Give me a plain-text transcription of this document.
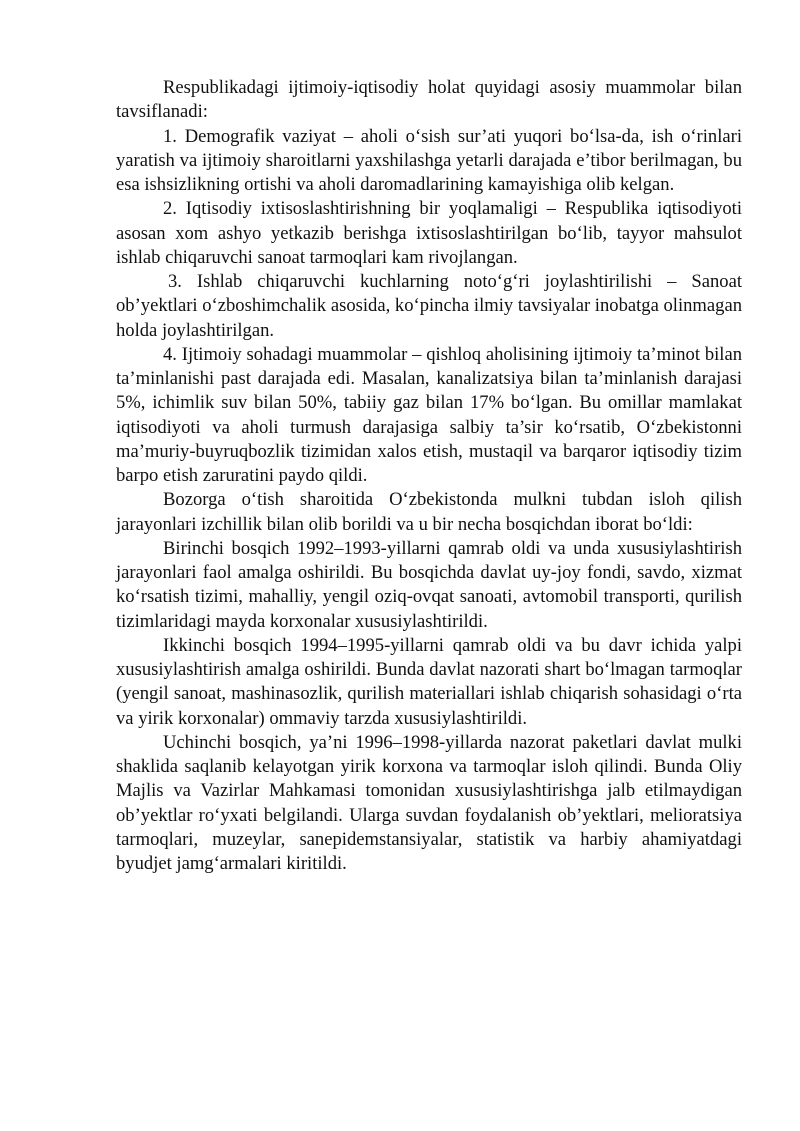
Respublikadagi ijtimoiy-iqtisodiy holat quyidagi asosiy muammolar bilan tavsiflanadi:

1. Demografik vaziyat – aholi o‘sish sur’ati yuqori bo‘lsa-da, ish o‘rinlari yaratish va ijtimoiy sharoitlarni yaxshilashga yetarli darajada e’tibor berilmagan, bu esa ishsizlikning ortishi va aholi daromadlarining kamayishiga olib kelgan.

2. Iqtisodiy ixtisoslashtirishning bir yoqlamaligi – Respublika iqtisodiyoti asosan xom ashyo yetkazib berishga ixtisoslashtirilgan bo‘lib, tayyor mahsulot ishlab chiqaruvchi sanoat tarmoqlari kam rivojlangan.

3. Ishlab chiqaruvchi kuchlarning noto‘g‘ri joylashtirilishi – Sanoat ob’yektlari o‘zboshimchalik asosida, ko‘pincha ilmiy tavsiyalar inobatga olinmagan holda joylashtirilgan.

4. Ijtimoiy sohadagi muammolar – qishloq aholisining ijtimoiy ta’minot bilan ta’minlanishi past darajada edi. Masalan, kanalizatsiya bilan ta’minlanish darajasi 5%, ichimlik suv bilan 50%, tabiiy gaz bilan 17% bo‘lgan. Bu omillar mamlakat iqtisodiyoti va aholi turmush darajasiga salbiy ta’sir ko‘rsatib, O‘zbekistonni ma’muriy-buyruqbozlik tizimidan xalos etish, mustaqil va barqaror iqtisodiy tizim barpo etish zaruratini paydo qildi.

Bozorga o‘tish sharoitida O‘zbekistonda mulkni tubdan isloh qilish jarayonlari izchillik bilan olib borildi va u bir necha bosqichdan iborat bo‘ldi:

Birinchi bosqich 1992–1993-yillarni qamrab oldi va unda xususiylashtirish jarayonlari faol amalga oshirildi. Bu bosqichda davlat uy-joy fondi, savdo, xizmat ko‘rsatish tizimi, mahalliy, yengil oziq-ovqat sanoati, avtomobil transporti, qurilish tizimlaridagi mayda korxonalar xususiylashtirildi.

Ikkinchi bosqich 1994–1995-yillarni qamrab oldi va bu davr ichida yalpi xususiylashtirish amalga oshirildi. Bunda davlat nazorati shart bo‘lmagan tarmoqlar (yengil sanoat, mashinasozlik, qurilish materiallari ishlab chiqarish sohasidagi o‘rta va yirik korxonalar) ommaviy tarzda xususiylashtirildi.

Uchinchi bosqich, ya’ni 1996–1998-yillarda nazorat paketlari davlat mulki shaklida saqlanib kelayotgan yirik korxona va tarmoqlar isloh qilindi. Bunda Oliy Majlis va Vazirlar Mahkamasi tomonidan xususiylashtirishga jalb etilmaydigan ob’yektlar ro‘yxati belgilandi. Ularga suvdan foydalanish ob’yektlari, melioratsiya tarmoqlari, muzeylar, sanepidemstansiyalar, statistik va harbiy ahamiyatdagi byudjet jamg‘armalari kiritildi.
